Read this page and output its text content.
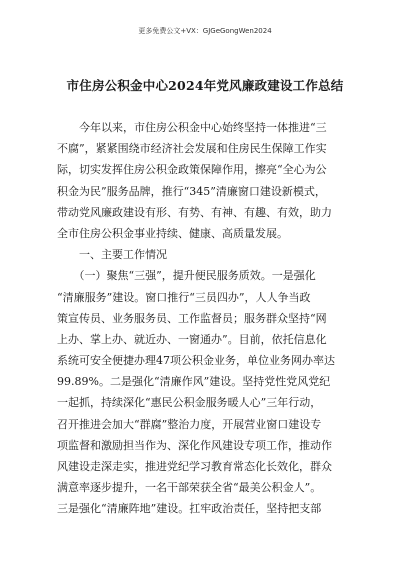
更多免费公文+VX：GJGeGongWen2024
市住房公积金中心2024年党风廉政建设工作总结
　　今年以来，市住房公积金中心始终坚持一体推进“三
不腐”，紧紧围绕市经济社会发展和住房民生保障工作实
际，切实发挥住房公积金政策保障作用，擦亮“全心为公
积金为民”服务品牌，推行“345”清廉窗口建设新模式，
带动党风廉政建设有形、有势、有神、有趣、有效，助力
全市住房公积金事业持续、健康、高质量发展。
　　一、主要工作情况
　　（一）聚焦“三强”，提升便民服务质效。一是强化
“清廉服务”建设。窗口推行“三员四办”，人人争当政
策宣传员、业务服务员、工作监督员；服务群众坚持“网
上办、掌上办、就近办、一窗通办”。目前，依托信息化
系统可安全便捷办理47项公积金业务，单位业务网办率达
99.89%。二是强化“清廉作风”建设。坚持党性党风党纪
一起抓，持续深化“惠民公积金服务暖人心”三年行动，
召开推进会加大“群腐”整治力度，开展营业窗口建设专
项监督和激励担当作为、深化作风建设专项工作，推动作
风建设走深走实，推进党纪学习教育常态化长效化，群众
满意率逐步提升，一名干部荣获全省“最美公积金人”。
三是强化“清廉阵地”建设。扛牢政治责任，坚持把支部
